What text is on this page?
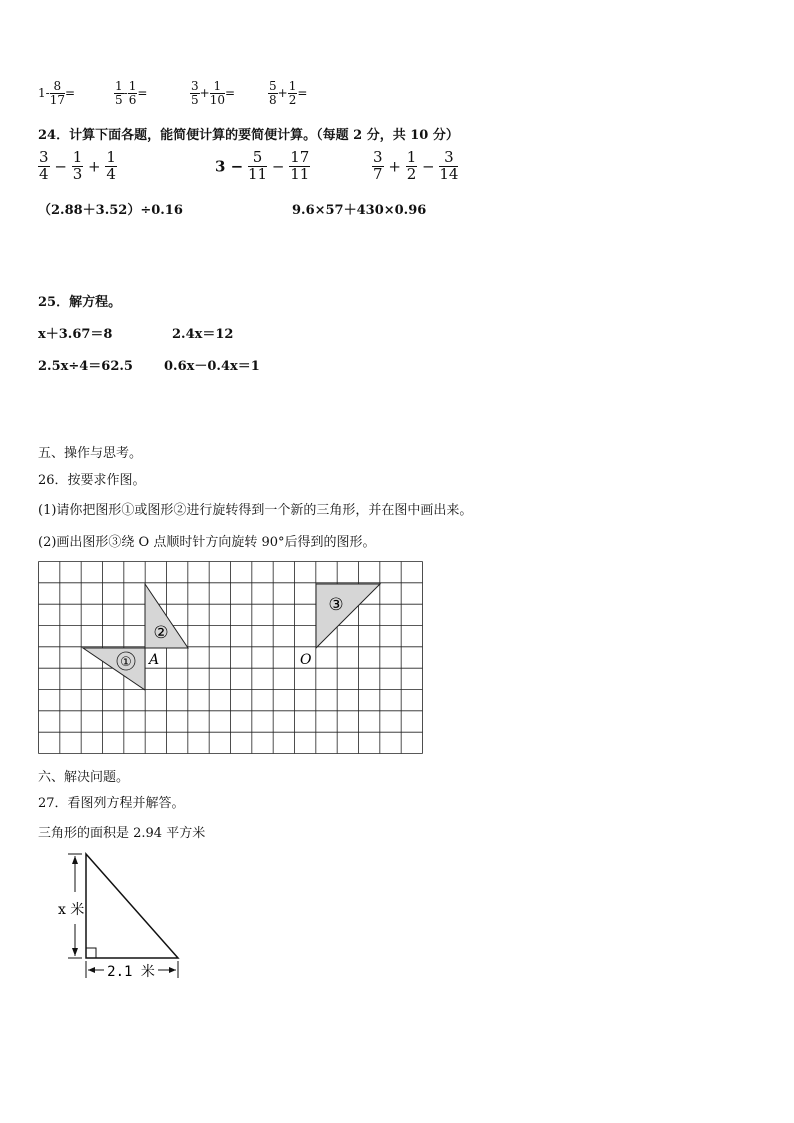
$1- \frac{8}{17}$ =	$\frac{1}{5} - \frac{1}{6}$ =	$\frac{3}{5} + \frac{1}{10}$ =	$\frac{5}{8} + \frac{1}{2}$ =
24．计算下面各题，能简便计算的要简便计算。（每题 2 分，共 10 分）
$\frac{3}{4} - \frac{1}{3} + \frac{1}{4}$	$3 - \frac{5}{11} - \frac{17}{11}$	$\frac{3}{7} + \frac{1}{2} - \frac{3}{14}$
（2.88＋3.52）÷0.16	9.6×57＋430×0.96
25．解方程。
x＋3.67＝8	2.4x＝12
2.5x÷4＝62.5 0.6x－0.4x＝1
五、操作与思考。
26．按要求作图。
(1)请你把图形①或图形②进行旋转得到一个新的三角形，并在图中画出来。
(2)画出图形③绕 O 点顺时针方向旋转 90°后得到的图形。
①
②
③
A	O
六、解决问题。
27．看图列方程并解答。
三角形的面积是 2.94 平方米
x 米
2.1 米
